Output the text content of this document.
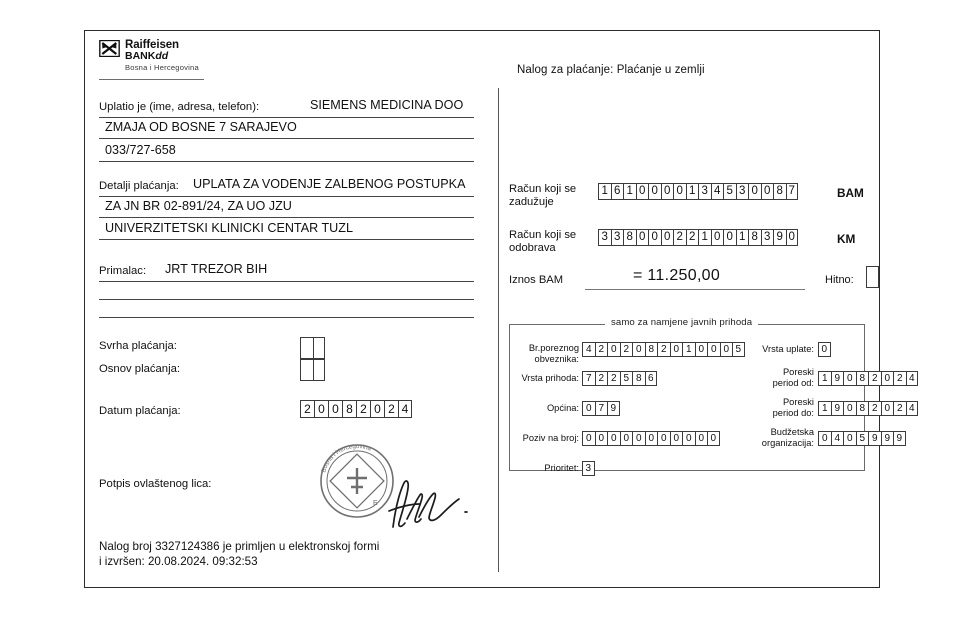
Raiffeisen
BANKdd
Bosna i Hercegovina	Nalog za plaćanje: Plaćanje u zemlji
Uplatio je (ime, adresa, telefon):	SIEMENS MEDICINA DOO
ZMAJA OD BOSNE 7 SARAJEVO
033/727-658
Detalji plaćanja: UPLATA ZA VODENJE ZALBENOG POSTUPKA
ZA JN BR 02-891/24, ZA UO JZU
UNIVERZITETSKI KLINICKI CENTAR TUZL
Primalac: JRT TREZOR BIH
Svrha plaćanja:
Osnov plaćanja:
Datum plaćanja:	2 0 0 8 2 0 2 4
Potpis ovlaštenog lica:
Bosna i Hercegovina
E
Nalog broj 3327124386 je primljen u elektronskoj formi
i izvršen: 20.08.2024. 09:32:53
Račun koji se
zadužuje
1 6 1 0 0 0 0 1 3 4 5 3 0 0 8 7	BAM
Račun koji se
odobrava
3 3 8 0 0 0 2 2 1 0 0 1 8 3 9 0	KM
Iznos BAM	= 11.250,00	Hitno:
samo za namjene javnih prihoda
Br.poreznog
obveznika:
4 2 0 2 0 8 2 0 1 0 0 0 5	Vrsta uplate: 0
Vrsta prihoda: 7 2 2 5 8 6
Poreski
period od: 1 9 0 8 2 0 2 4
Općina: 0 7 9
Poreski
period do: 1 9 0 8 2 0 2 4
Poziv na broj: 0 0 0 0 0 0 0 0 0 0 0
Budžetska
organizacija: 0 4 0 5 9 9 9
Prioritet: 3
